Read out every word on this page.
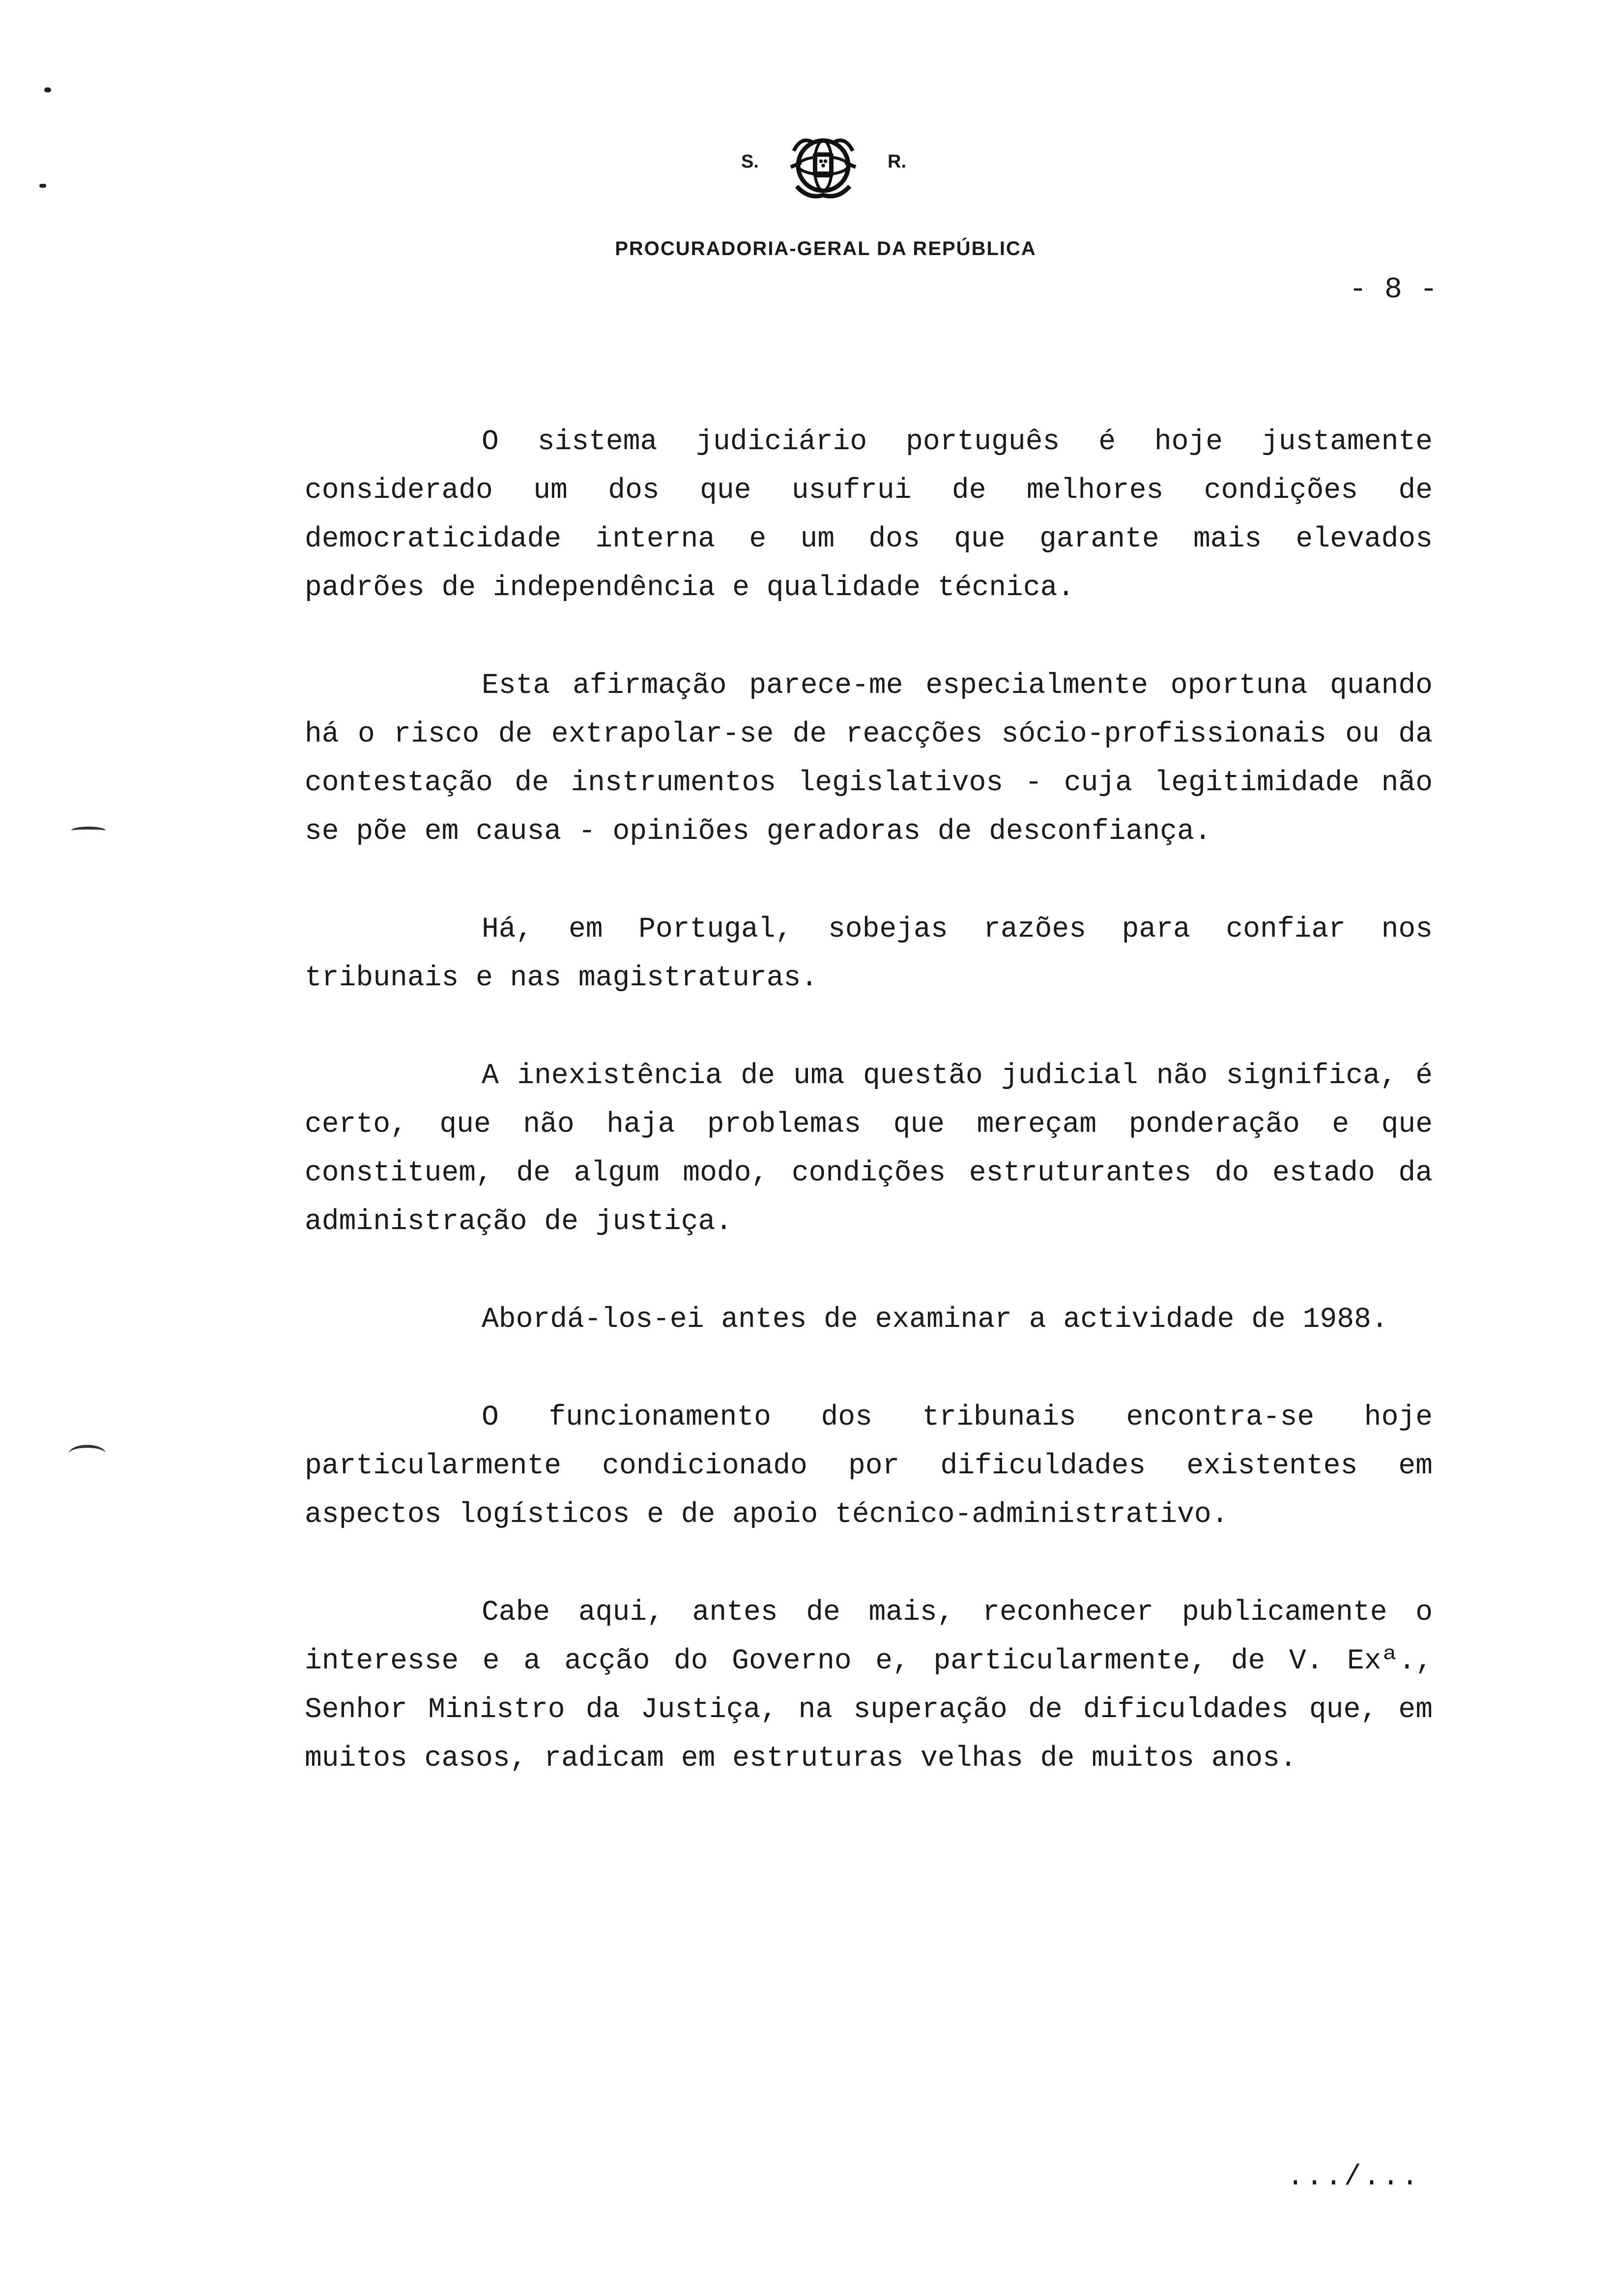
S.	R.
PROCURADORIA-GERAL DA REPÚBLICA
- 8 -

O sistema judiciário português é hoje justamente considerado um dos que usufrui de melhores condições de democraticidade interna e um dos que garante mais elevados padrões de independência e qualidade técnica.

Esta afirmação parece-me especialmente oportuna quando há o risco de extrapolar-se de reacções sócio-profissionais ou da contestação de instrumentos legislativos - cuja legitimidade não se põe em causa - opiniões geradoras de desconfiança.

Há, em Portugal, sobejas razões para confiar nos tribunais e nas magistraturas.

A inexistência de uma questão judicial não significa, é certo, que não haja problemas que mereçam ponderação e que constituem, de algum modo, condições estruturantes do estado da administração de justiça.

Abordá-los-ei antes de examinar a actividade de 1988.

O funcionamento dos tribunais encontra-se hoje particularmente condicionado por dificuldades existentes em aspectos logísticos e de apoio técnico-administrativo.

Cabe aqui, antes de mais, reconhecer publicamente o interesse e a acção do Governo e, particularmente, de V. Exª., Senhor Ministro da Justiça, na superação de dificuldades que, em muitos casos, radicam em estruturas velhas de muitos anos.

.../...
